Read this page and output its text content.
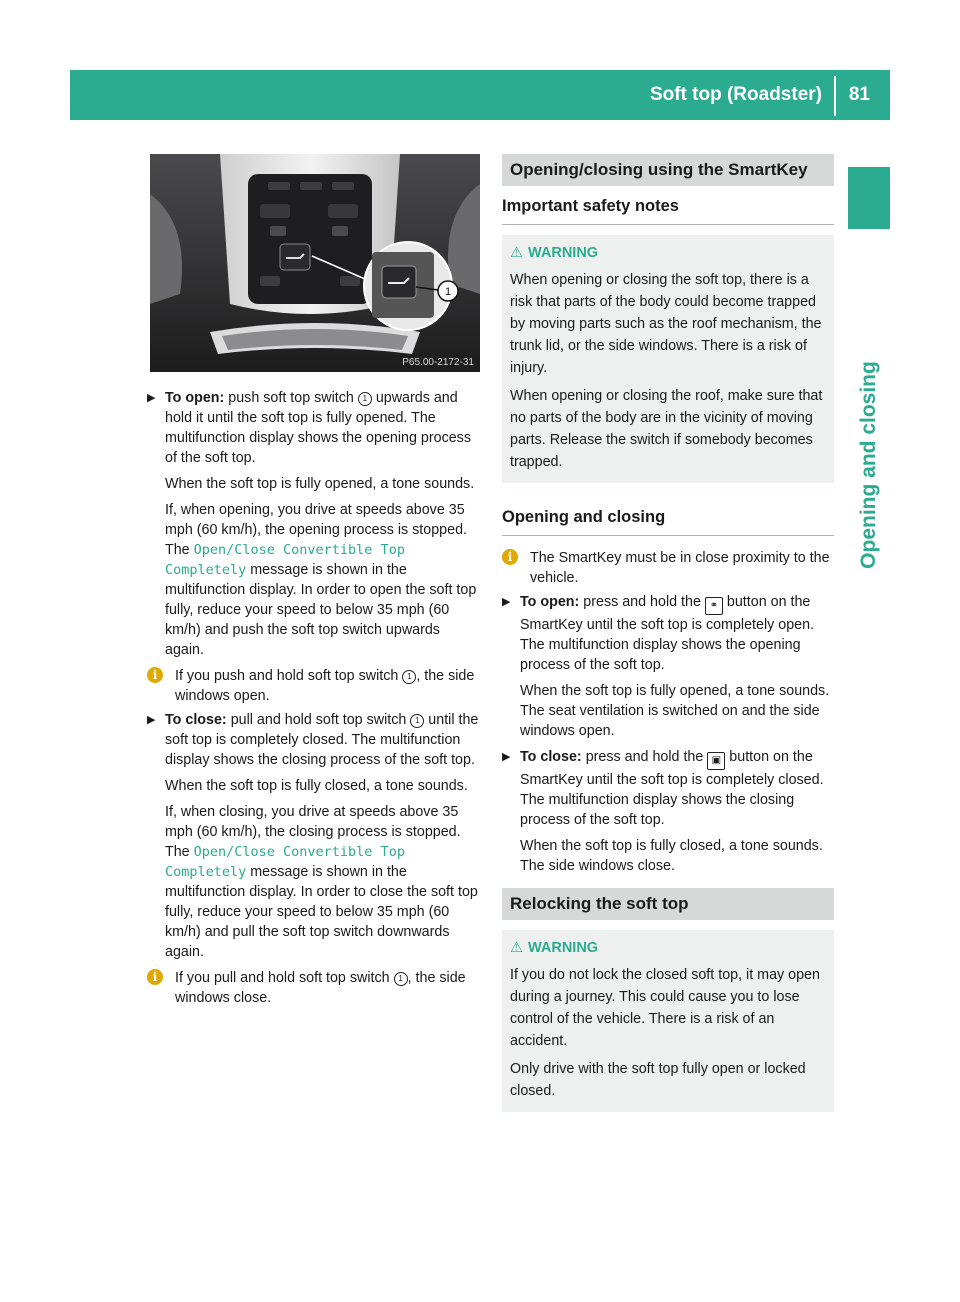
Soft top (Roadster) 81
Opening and closing
1
P65.00-2172-31
▶ To open: push soft top switch 1 upwards and hold it until the soft top is fully opened. The multifunction display shows the opening process of the soft top.
When the soft top is fully opened, a tone sounds.
If, when opening, you drive at speeds above 35 mph (60 km/h), the opening process is stopped. The Open/Close Convertible Top Completely message is shown in the multifunction display. In order to open the soft top fully, reduce your speed to below 35 mph (60 km/h) and push the soft top switch upwards again.
i	If you push and hold soft top switch 1 , the side windows open.
▶ To close: pull and hold soft top switch 1 until the soft top is completely closed. The multifunction display shows the closing process of the soft top.
When the soft top is fully closed, a tone sounds.
If, when closing, you drive at speeds above 35 mph (60 km/h), the closing process is stopped. The Open/Close Convertible Top Completely message is shown in the multifunction display. In order to close the soft top fully, reduce your speed to below 35 mph (60 km/h) and pull the soft top switch downwards again.
i	If you pull and hold soft top switch 1 , the side windows close.
Opening/closing using the SmartKey
Important safety notes
⚠ WARNING
When opening or closing the soft top, there is a risk that parts of the body could become trapped by moving parts such as the roof mechanism, the trunk lid, or the side windows. There is a risk of injury.
When opening or closing the roof, make sure that no parts of the body are in the vicinity of moving parts. Release the switch if somebody becomes trapped.
Opening and closing
i	The SmartKey must be in close proximity to the vehicle.
▶ To open: press and hold the ⚭ button on the SmartKey until the soft top is completely open. The multifunction display shows the opening process of the soft top.
When the soft top is fully opened, a tone sounds. The seat ventilation is switched on and the side windows open.
▶ To close: press and hold the ▣ button on the SmartKey until the soft top is completely closed. The multifunction display shows the closing process of the soft top.
When the soft top is fully closed, a tone sounds. The side windows close.
Relocking the soft top
⚠ WARNING
If you do not lock the closed soft top, it may open during a journey. This could cause you to lose control of the vehicle. There is a risk of an accident.
Only drive with the soft top fully open or locked closed.
